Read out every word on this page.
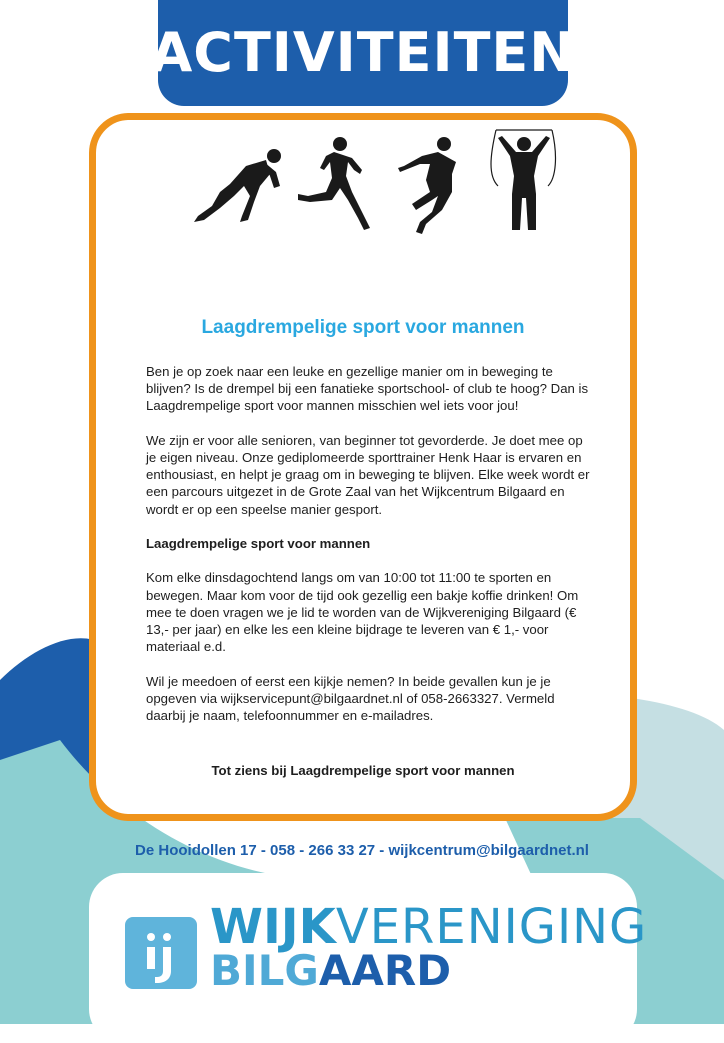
ACTIVITEITEN
Laagdrempelige sport voor mannen

Ben je op zoek naar een leuke en gezellige manier om in beweging te blijven? Is de drempel bij een fanatieke sportschool- of club te hoog? Dan is Laagdrempelige sport voor mannen misschien wel iets voor jou!

We zijn er voor alle senioren, van beginner tot gevorderde. Je doet mee op je eigen niveau. Onze gediplomeerde sporttrainer Henk Haar is ervaren en enthousiast, en helpt je graag om in beweging te blijven. Elke week wordt er een parcours uitgezet in de Grote Zaal van het Wijkcentrum Bilgaard en wordt er op een speelse manier gesport.

Laagdrempelige sport voor mannen

Kom elke dinsdagochtend langs om van 10:00 tot 11:00 te sporten en bewegen. Maar kom voor de tijd ook gezellig een bakje koffie drinken! Om mee te doen vragen we je lid te worden van de Wijkvereniging Bilgaard (€ 13,- per jaar) en elke les een kleine bijdrage te leveren van € 1,- voor materiaal e.d.

Wil je meedoen of eerst een kijkje nemen? In beide gevallen kun je je opgeven via wijkservicepunt@bilgaardnet.nl of 058-2663327. Vermeld daarbij je naam, telefoonnummer en e-mailadres.

Tot ziens bij Laagdrempelige sport voor mannen
De Hooidollen 17 - 058 - 266 33 27 - wijkcentrum@bilgaardnet.nl
WIJKVERENIGING
BILGAARD
